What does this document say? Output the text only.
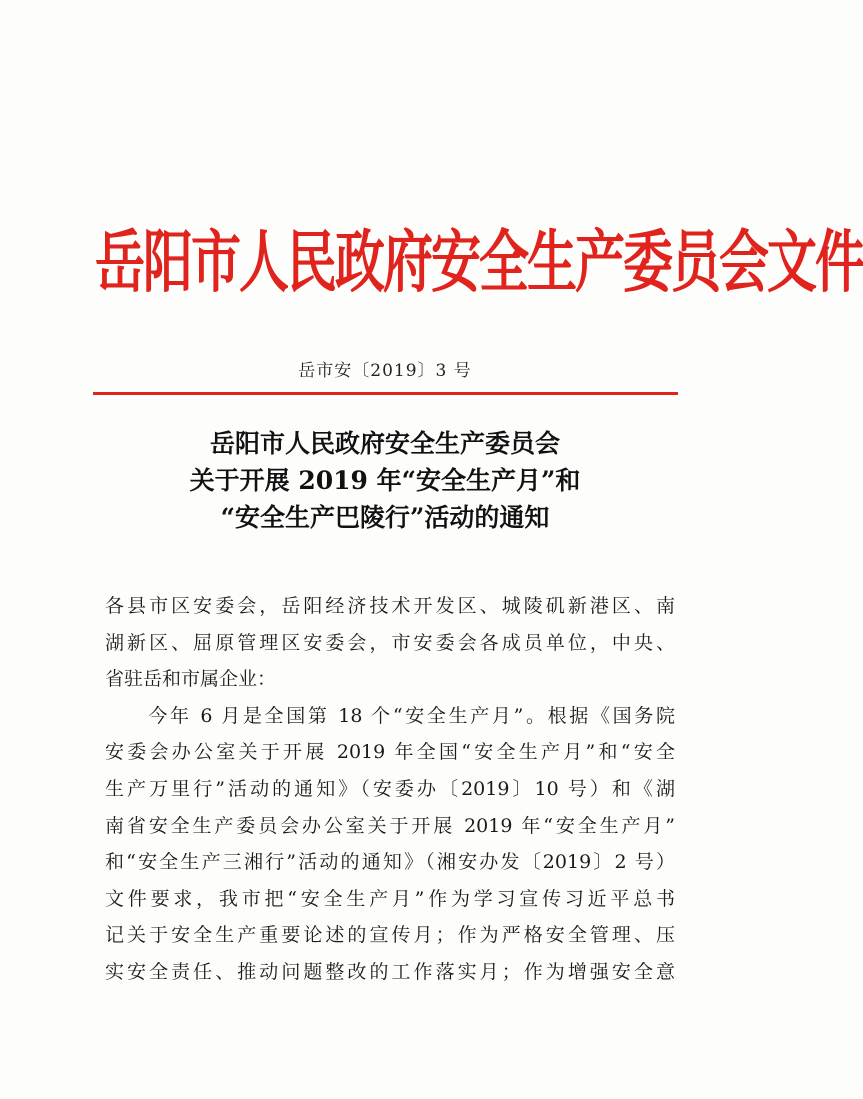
岳阳市人民政府安全生产委员会文件
岳市安〔2019〕3 号
岳阳市人民政府安全生产委员会
关于开展 2019 年“安全生产月”和
“安全生产巴陵行”活动的通知
各县市区安委会，岳阳经济技术开发区、城陵矶新港区、南
湖新区、屈原管理区安委会，市安委会各成员单位，中央、
省驻岳和市属企业：
　　今年 6 月是全国第 18 个“安全生产月”。根据《国务院
安委会办公室关于开展 2019 年全国“安全生产月”和“安全
生产万里行”活动的通知》（安委办〔2019〕10 号）和《湖
南省安全生产委员会办公室关于开展 2019 年“安全生产月”
和“安全生产三湘行”活动的通知》（湘安办发〔2019〕2 号）
文件要求，我市把“安全生产月”作为学习宣传习近平总书
记关于安全生产重要论述的宣传月；作为严格安全管理、压
实安全责任、推动问题整改的工作落实月；作为增强安全意
